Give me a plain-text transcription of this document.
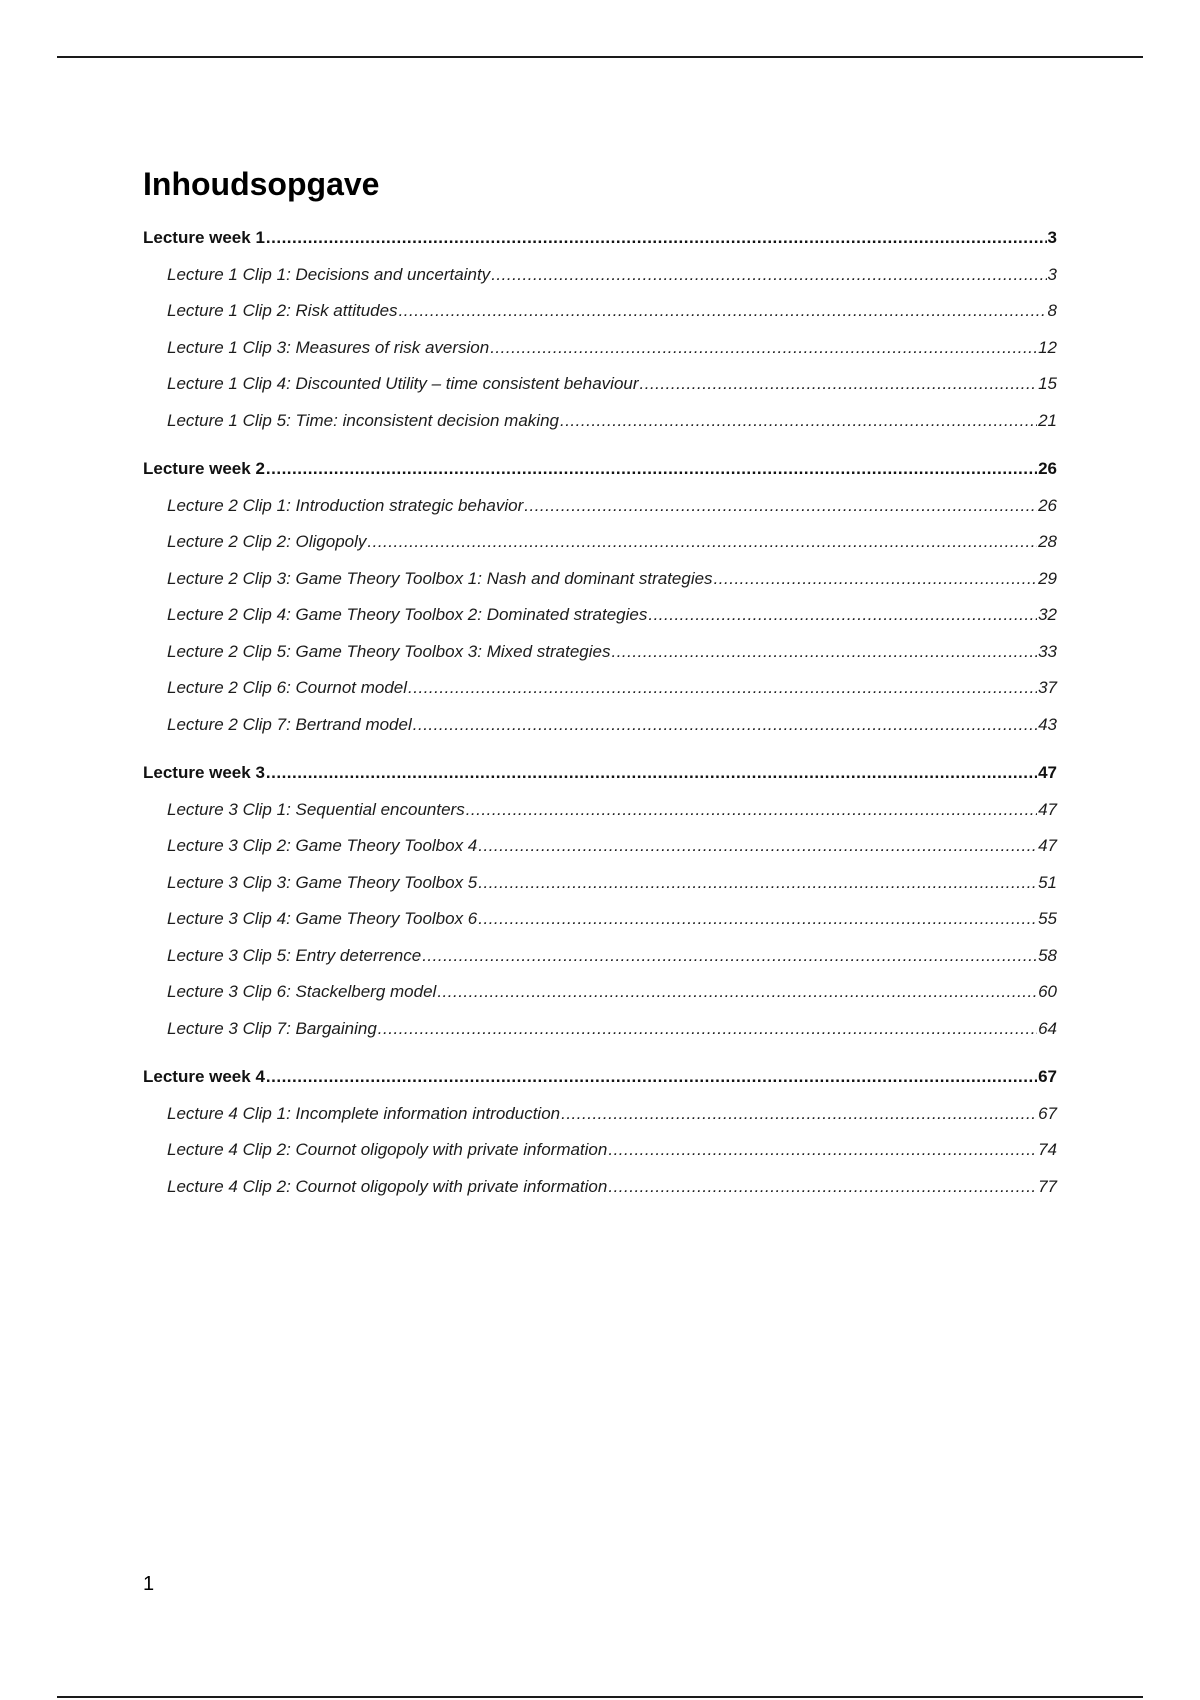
Inhoudsopgave
Lecture week 1 .....	3
Lecture 1 Clip 1: Decisions and uncertainty .....	3
Lecture 1 Clip 2: Risk attitudes .....	8
Lecture 1 Clip 3: Measures of risk aversion .....	12
Lecture 1 Clip 4: Discounted Utility – time consistent behaviour .....	15
Lecture 1 Clip 5: Time: inconsistent decision making .....	21
Lecture week 2 .....	26
Lecture 2 Clip 1: Introduction strategic behavior .....	26
Lecture 2 Clip 2: Oligopoly .....	28
Lecture 2 Clip 3: Game Theory Toolbox 1: Nash and dominant strategies .....	29
Lecture 2 Clip 4: Game Theory Toolbox 2: Dominated strategies .....	32
Lecture 2 Clip 5: Game Theory Toolbox 3: Mixed strategies .....	33
Lecture 2 Clip 6: Cournot model .....	37
Lecture 2 Clip 7: Bertrand model .....	43
Lecture week 3 .....	47
Lecture 3 Clip 1: Sequential encounters .....	47
Lecture 3 Clip 2: Game Theory Toolbox 4 .....	47
Lecture 3 Clip 3: Game Theory Toolbox 5 .....	51
Lecture 3 Clip 4: Game Theory Toolbox 6 .....	55
Lecture 3 Clip 5: Entry deterrence .....	58
Lecture 3 Clip 6: Stackelberg model .....	60
Lecture 3 Clip 7: Bargaining .....	64
Lecture week 4 .....	67
Lecture 4 Clip 1: Incomplete information introduction .....	67
Lecture 4 Clip 2: Cournot oligopoly with private information .....	74
Lecture 4 Clip 2: Cournot oligopoly with private information .....	77
1
